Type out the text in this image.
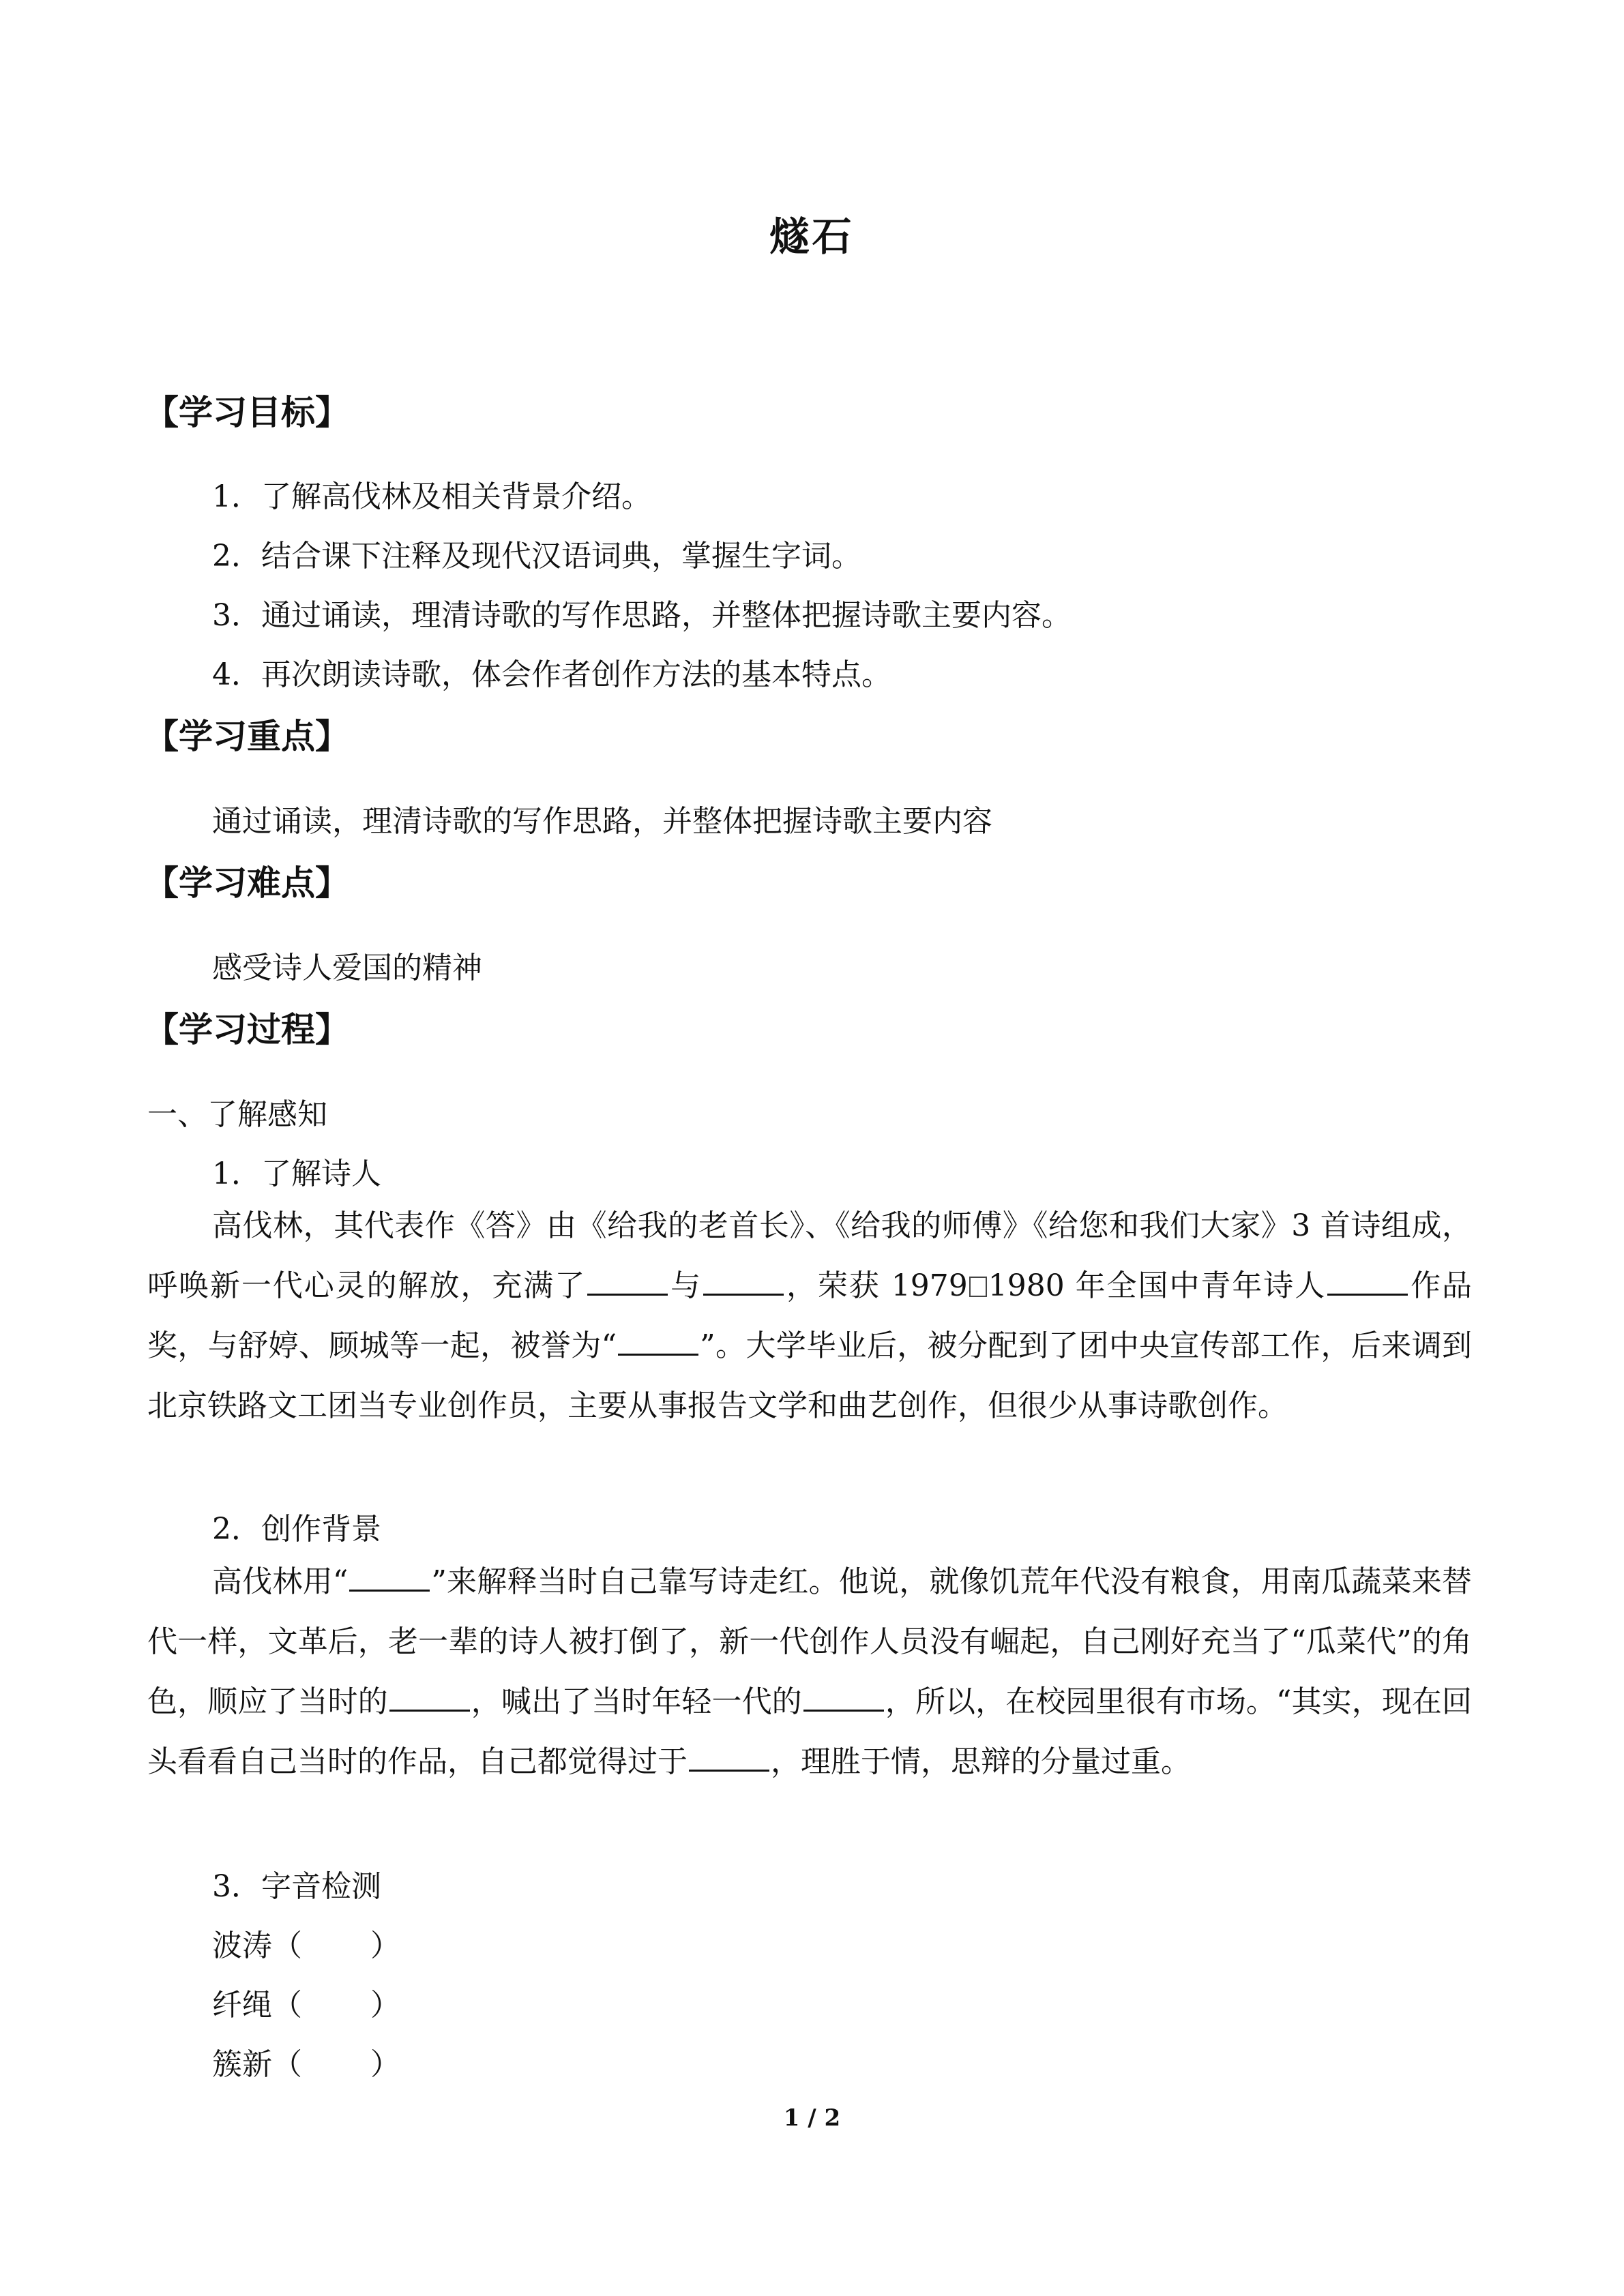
燧石
【学习目标】
1．了解高伐林及相关背景介绍。
2．结合课下注释及现代汉语词典，掌握生字词。
3．通过诵读，理清诗歌的写作思路，并整体把握诗歌主要内容。
4．再次朗读诗歌，体会作者创作方法的基本特点。
【学习重点】
通过诵读，理清诗歌的写作思路，并整体把握诗歌主要内容
【学习难点】
感受诗人爱国的精神
【学习过程】
一、了解感知
1．了解诗人
高伐林，其代表作《答》由《给我的老首长》、《给我的师傅》《给您和我们大家》3 首诗组成，呼唤新一代心灵的解放，充满了	与	，荣获 1979 1980 年全国中青年诗人	作品奖，与舒婷、顾城等一起，被誉为“	”。大学毕业后，被分配到了团中央宣传部工作，后来调到北京铁路文工团当专业创作员，主要从事报告文学和曲艺创作，但很少从事诗歌创作。
2．创作背景
高伐林用“	”来解释当时自己靠写诗走红。他说，就像饥荒年代没有粮食，用南瓜蔬菜来替代一样，文革后，老一辈的诗人被打倒了，新一代创作人员没有崛起，自己刚好充当了“瓜菜代”的角色，顺应了当时的	，喊出了当时年轻一代的	，所以，在校园里很有市场。“其实，现在回头看看自己当时的作品，自己都觉得过于	，理胜于情，思辩的分量过重。
3．字音检测
波涛（ ）
纤绳（ ）
簇新（ ）
1 / 2
